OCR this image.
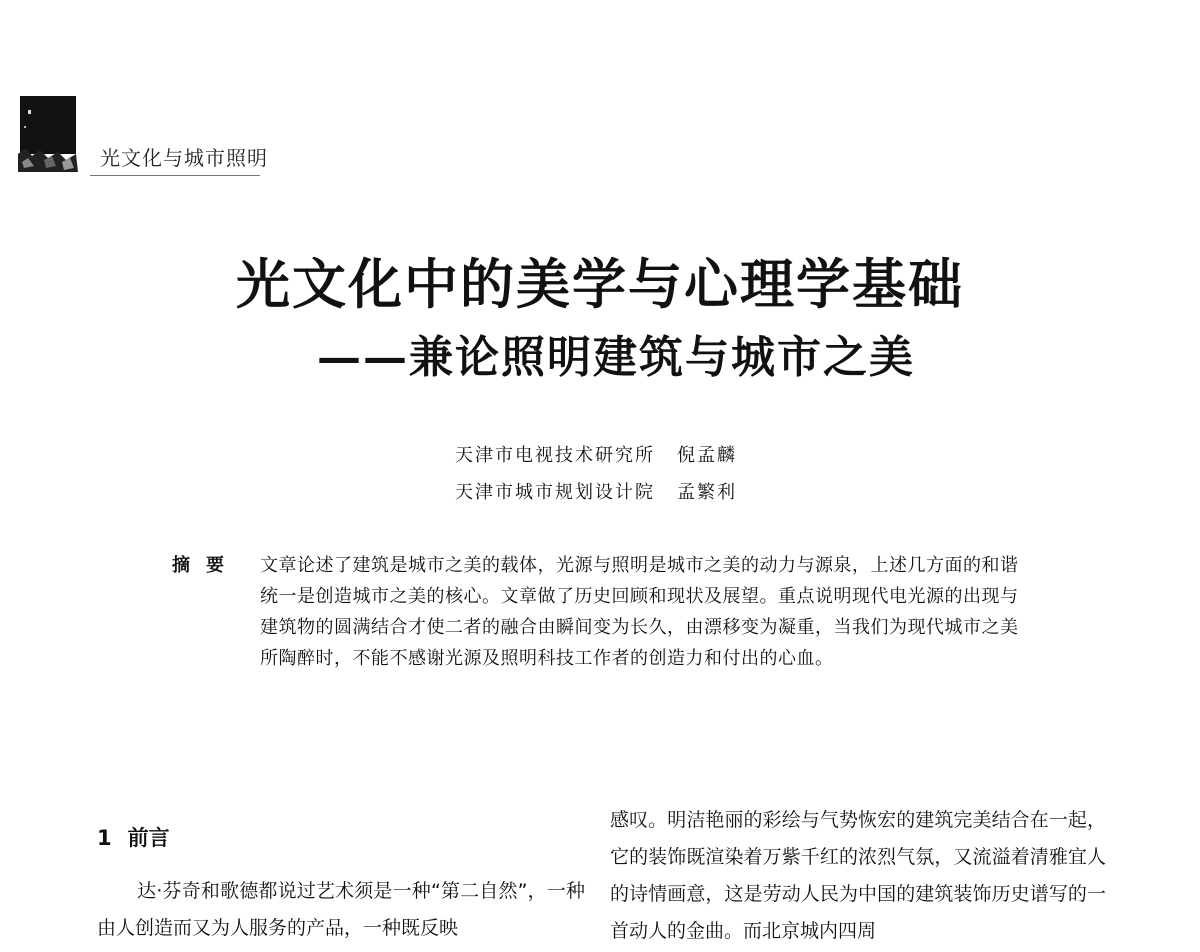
光文化与城市照明
光文化中的美学与心理学基础
——兼论照明建筑与城市之美
天津市电视技术研究所 倪孟麟
天津市城市规划设计院 孟繁利
摘要 文章论述了建筑是城市之美的载体，光源与照明是城市之美的动力与源泉，上述几方面的和谐统一是创造城市之美的核心。文章做了历史回顾和现状及展望。重点说明现代电光源的出现与建筑物的圆满结合才使二者的融合由瞬间变为长久，由漂移变为凝重，当我们为现代城市之美所陶醉时，不能不感谢光源及照明科技工作者的创造力和付出的心血。
1 前言
达·芬奇和歌德都说过艺术须是一种“第二自然”，一种由人创造而又为人服务的产品，一种既反映
感叹。明洁艳丽的彩绘与气势恢宏的建筑完美结合在一起，它的装饰既渲染着万紫千红的浓烈气氛，又流溢着清雅宜人的诗情画意，这是劳动人民为中国的建筑装饰历史谱写的一首动人的金曲。而北京城内四周
